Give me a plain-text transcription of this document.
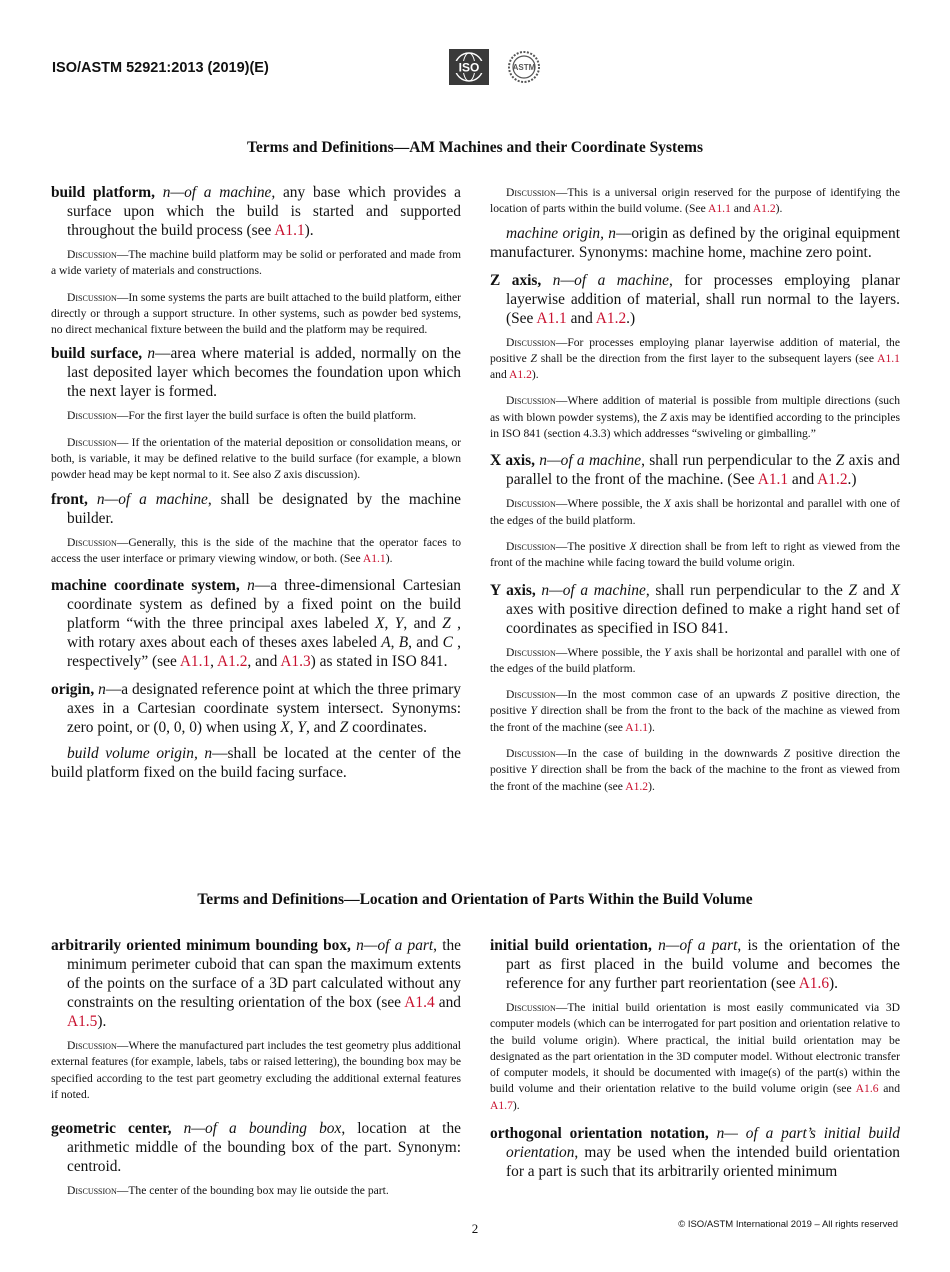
ISO/ASTM 52921:2013 (2019)(E)	ISO	ASTM
Terms and Definitions—AM Machines and their Coordinate Systems

build platform, n—of a machine, any base which provides a surface upon which the build is started and supported throughout the build process (see A1.1).

Discussion—The machine build platform may be solid or perforated and made from a wide variety of materials and constructions.

Discussion—In some systems the parts are built attached to the build platform, either directly or through a support structure. In other systems, such as powder bed systems, no direct mechanical fixture between the build and the platform may be required.

build surface, n—area where material is added, normally on the last deposited layer which becomes the foundation upon which the next layer is formed.

Discussion—For the first layer the build surface is often the build platform.

Discussion— If the orientation of the material deposition or consolidation means, or both, is variable, it may be defined relative to the build surface (for example, a blown powder head may be kept normal to it. See also Z axis discussion).

front, n—of a machine, shall be designated by the machine builder.

Discussion—Generally, this is the side of the machine that the operator faces to access the user interface or primary viewing window, or both. (See A1.1).

machine coordinate system, n—a three-dimensional Cartesian coordinate system as defined by a fixed point on the build platform “with the three principal axes labeled X, Y, and Z , with rotary axes about each of theses axes labeled A, B, and C , respectively” (see A1.1, A1.2, and A1.3) as stated in ISO 841.

origin, n—a designated reference point at which the three primary axes in a Cartesian coordinate system intersect. Synonyms: zero point, or (0, 0, 0) when using X, Y, and Z coordinates.

build volume origin, n—shall be located at the center of the build platform fixed on the build facing surface.

Discussion—This is a universal origin reserved for the purpose of identifying the location of parts within the build volume. (See A1.1 and A1.2).

machine origin, n—origin as defined by the original equipment manufacturer. Synonyms: machine home, machine zero point.

Z axis, n—of a machine, for processes employing planar layerwise addition of material, shall run normal to the layers. (See A1.1 and A1.2.)

Discussion—For processes employing planar layerwise addition of material, the positive Z shall be the direction from the first layer to the subsequent layers (see A1.1 and A1.2).

Discussion—Where addition of material is possible from multiple directions (such as with blown powder systems), the Z axis may be identified according to the principles in ISO 841 (section 4.3.3) which addresses “swiveling or gimballing.”

X axis, n—of a machine, shall run perpendicular to the Z axis and parallel to the front of the machine. (See A1.1 and A1.2.)

Discussion—Where possible, the X axis shall be horizontal and parallel with one of the edges of the build platform.

Discussion—The positive X direction shall be from left to right as viewed from the front of the machine while facing toward the build volume origin.

Y axis, n—of a machine, shall run perpendicular to the Z and X axes with positive direction defined to make a right hand set of coordinates as specified in ISO 841.

Discussion—Where possible, the Y axis shall be horizontal and parallel with one of the edges of the build platform.

Discussion—In the most common case of an upwards Z positive direction, the positive Y direction shall be from the front to the back of the machine as viewed from the front of the machine (see A1.1).

Discussion—In the case of building in the downwards Z positive direction the positive Y direction shall be from the back of the machine to the front as viewed from the front of the machine (see A1.2).

Terms and Definitions—Location and Orientation of Parts Within the Build Volume

arbitrarily oriented minimum bounding box, n—of a part, the minimum perimeter cuboid that can span the maximum extents of the points on the surface of a 3D part calculated without any constraints on the resulting orientation of the box (see A1.4 and A1.5).

Discussion—Where the manufactured part includes the test geometry plus additional external features (for example, labels, tabs or raised lettering), the bounding box may be specified according to the test part geometry excluding the additional external features if noted.

geometric center, n—of a bounding box, location at the arithmetic middle of the bounding box of the part. Synonym: centroid.

Discussion—The center of the bounding box may lie outside the part.

initial build orientation, n—of a part, is the orientation of the part as first placed in the build volume and becomes the reference for any further part reorientation (see A1.6).

Discussion—The initial build orientation is most easily communicated via 3D computer models (which can be interrogated for part position and orientation relative to the build volume origin). Where practical, the initial build orientation may be designated as the part orientation in the 3D computer model. Without electronic transfer of computer models, it should be documented with image(s) of the part(s) within the build volume and their orientation relative to the build volume origin (see A1.6 and A1.7).

orthogonal orientation notation, n— of a part’s initial build orientation, may be used when the intended build orientation for a part is such that its arbitrarily oriented minimum

2	© ISO/ASTM International 2019 – All rights reserved
